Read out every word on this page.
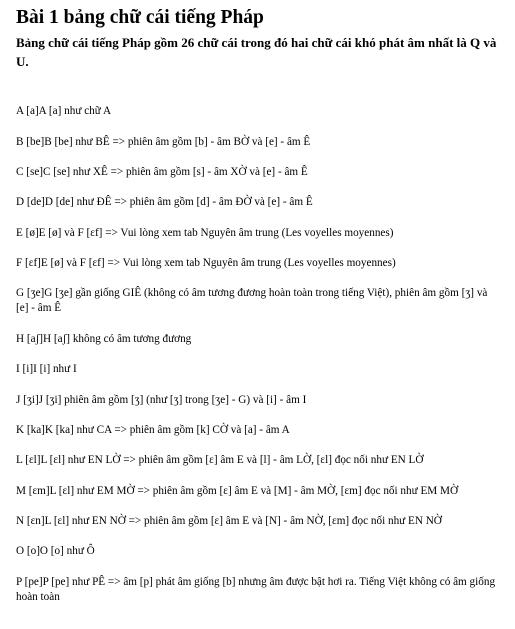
Bài 1 bảng chữ cái tiếng Pháp
Bảng chữ cái tiếng Pháp gồm 26 chữ cái trong đó hai chữ cái khó phát âm nhất là Q và U.
A [a]A [a] như chữ A
B [be]B [be] như BÊ => phiên âm gồm [b] - âm BỜ và [e] - âm Ê
C [se]C [se] như XÊ => phiên âm gồm [s] - âm XỜ và [e] - âm Ê
D [de]D [de] như ĐÊ => phiên âm gồm [d] - âm ĐỜ và [e] - âm Ê
E [ø]E [ø] và F [ɛf] => Vui lòng xem tab Nguyên âm trung (Les voyelles moyennes)
F [ɛf]E [ø] và F [ɛf] => Vui lòng xem tab Nguyên âm trung (Les voyelles moyennes)
G [ʒe]G [ʒe] gần giống GIÊ (không có âm tương đương hoàn toàn trong tiếng Việt), phiên âm gồm [ʒ] và [e] - âm Ê
H [aʃ]H [aʃ] không có âm tương đương
I [i]I [i] như I
J [ʒi]J [ʒi] phiên âm gồm [ʒ] (như [ʒ] trong [ʒe] - G) và [i] - âm I
K [ka]K [ka] như CA => phiên âm gồm [k] CỜ và [a] - âm A
L [ɛl]L [ɛl] như EN LỜ => phiên âm gồm [ɛ] âm E và [l] - âm LỜ, [ɛl] đọc nối như EN LỜ
M [ɛm]L [ɛl] như EM MỜ => phiên âm gồm [ɛ] âm E và [M] - âm MỜ, [ɛm] đọc nối như EM MỜ
N [ɛn]L [ɛl] như EN NỜ => phiên âm gồm [ɛ] âm E và [N] - âm NỜ, [ɛm] đọc nối như EN NỜ
O [o]O [o] như Ô
P [pe]P [pe] như PÊ => âm [p] phát âm giống [b] nhưng âm được bật hơi ra. Tiếng Việt không có âm giống hoàn toàn
